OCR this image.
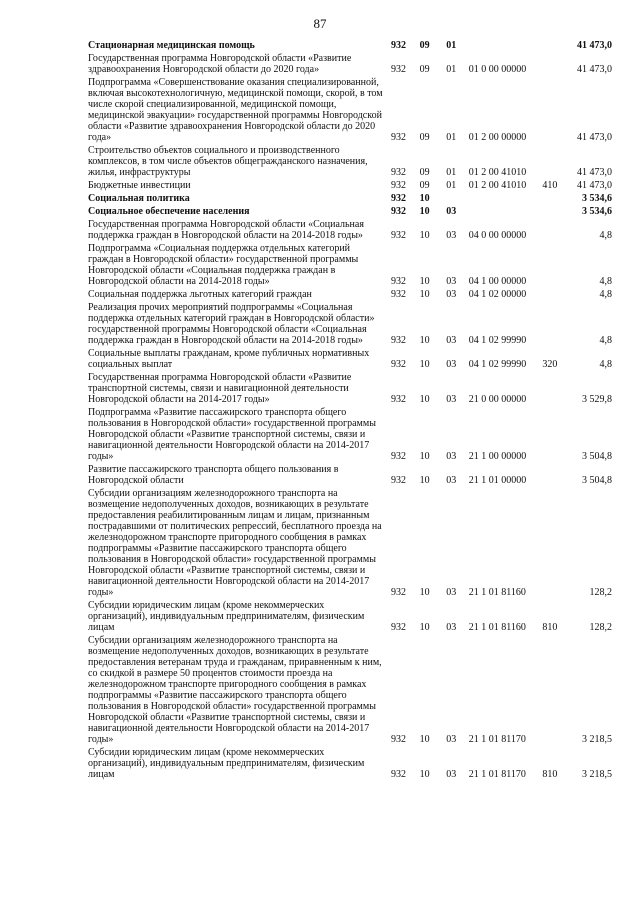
87
Стационарная медицинская помощь	932	09	01			41 473,0
Государственная программа Новгородской области «Развитие здравоохранения Новгородской области до 2020 года»	932	09	01	01 0 00 00000		41 473,0
Подпрограмма «Совершенствование оказания специализированной, включая высокотехнологичную, медицинской помощи, скорой, в том числе скорой специализированной, медицинской помощи, медицинской эвакуации» государственной программы Новгородской области «Развитие здравоохранения Новгородской области до 2020 года»	932	09	01	01 2 00 00000		41 473,0
Строительство объектов социального и производственного комплексов, в том числе объектов общегражданского назначения, жилья, инфраструктуры	932	09	01	01 2 00 41010		41 473,0
Бюджетные инвестиции	932	09	01	01 2 00 41010	410	41 473,0
Социальная политика	932	10				3 534,6
Социальное обеспечение населения	932	10	03			3 534,6
Государственная программа Новгородской области «Социальная поддержка граждан в Новгородской области на 2014-2018 годы»	932	10	03	04 0 00 00000		4,8
Подпрограмма «Социальная поддержка отдельных категорий граждан в Новгородской области» государственной программы Новгородской области «Социальная поддержка граждан в Новгородской области на 2014-2018 годы»	932	10	03	04 1 00 00000		4,8
Социальная поддержка льготных категорий граждан	932	10	03	04 1 02 00000		4,8
Реализация прочих мероприятий подпрограммы «Социальная поддержка отдельных категорий граждан в Новгородской области» государственной программы Новгородской области «Социальная поддержка граждан в Новгородской области на 2014-2018 годы»	932	10	03	04 1 02 99990		4,8
Социальные выплаты гражданам, кроме публичных нормативных социальных выплат	932	10	03	04 1 02 99990	320	4,8
Государственная программа Новгородской области «Развитие транспортной системы, связи и навигационной деятельности Новгородской области на 2014-2017 годы»	932	10	03	21 0 00 00000		3 529,8
Подпрограмма «Развитие пассажирского транспорта общего пользования в Новгородской области» государственной программы Новгородской области «Развитие транспортной системы, связи и навигационной деятельности Новгородской области на 2014-2017 годы»	932	10	03	21 1 00 00000		3 504,8
Развитие пассажирского транспорта общего пользования в Новгородской области	932	10	03	21 1 01 00000		3 504,8
Субсидии организациям железнодорожного транспорта на возмещение недополученных доходов, возникающих в результате предоставления реабилитированным лицам и лицам, признанным пострадавшими от политических репрессий, бесплатного проезда на железнодорожном транспорте пригородного сообщения в рамках подпрограммы «Развитие пассажирского транспорта общего пользования в Новгородской области» государственной программы Новгородской области «Развитие транспортной системы, связи и навигационной деятельности Новгородской области на 2014-2017 годы»	932	10	03	21 1 01 81160		128,2
Субсидии юридическим лицам (кроме некоммерческих организаций), индивидуальным предпринимателям, физическим лицам	932	10	03	21 1 01 81160	810	128,2
Субсидии организациям железнодорожного транспорта на возмещение недополученных доходов, возникающих в результате предоставления ветеранам труда и гражданам, приравненным к ним, со скидкой в размере 50 процентов стоимости проезда на железнодорожном транспорте пригородного сообщения в рамках подпрограммы «Развитие пассажирского транспорта общего пользования в Новгородской области» государственной программы Новгородской области «Развитие транспортной системы, связи и навигационной деятельности Новгородской области на 2014-2017 годы»	932	10	03	21 1 01 81170		3 218,5
Субсидии юридическим лицам (кроме некоммерческих организаций), индивидуальным предпринимателям, физическим лицам	932	10	03	21 1 01 81170	810	3 218,5
